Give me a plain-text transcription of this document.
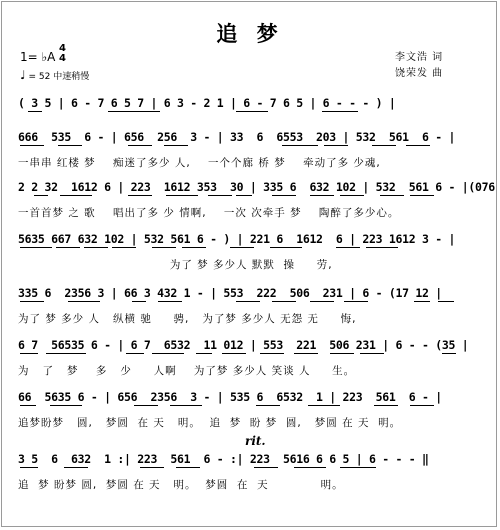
追 梦
1= ♭A
4
4
♩ = 52 中速稍慢
李文浩 词
饶荣发 曲
( 3 5 | 6 - 7 6 5 7 | 6 3 - 2 1 | 6 - 7 6 5 | 6 - - - ) |
666  535  6 - | 656  256  3 - | 33  6  6553  203 | 532  561  6 - |
一串串 红楼 梦    痴迷了多少 人,    一个个廊 桥 梦    牵动了多 少魂,
2 2 32  1612 6 | 223  1612 353  30 | 335 6  632 102 | 532  561 6 - |(076
一首首梦 之 歌    唱出了多 少 情啊,    一次 次牵手 梦    陶醉了多少心。
5635 667 632 102 | 532 561 6 - ) | 221 6  1612  6 | 223 1612 3 - |
为了 梦 多少人 默默  操     劳,
335 6  2356 3 | 66 3 432 1 - | 553  222  506  231 | 6 - (17 12 |
为了 梦 多少 人   纵横 驰     骋,   为了梦 多少人 无怨 无     悔,
6 7  56535 6 - | 6 7  6532  11 012 | 553  221  506 231 | 6 - - (35 |
为   了   梦    多   少     人啊    为了梦 多少人 笑谈 人     生。
66  5635 6 - | 656  2356  3 - | 535 6  6532  1 | 223  561  6 - |
追梦盼梦   圆,   梦圆  在 天   明。  追  梦  盼 梦  圆,   梦圆 在 天  明。
rit.
3 5  6  632  1 :| 223  561  6 - :| 223  5616 6 6 5 | 6 - - - ‖
追  梦 盼梦 圆,  梦圆 在 天   明。  梦圆  在  天            明。
